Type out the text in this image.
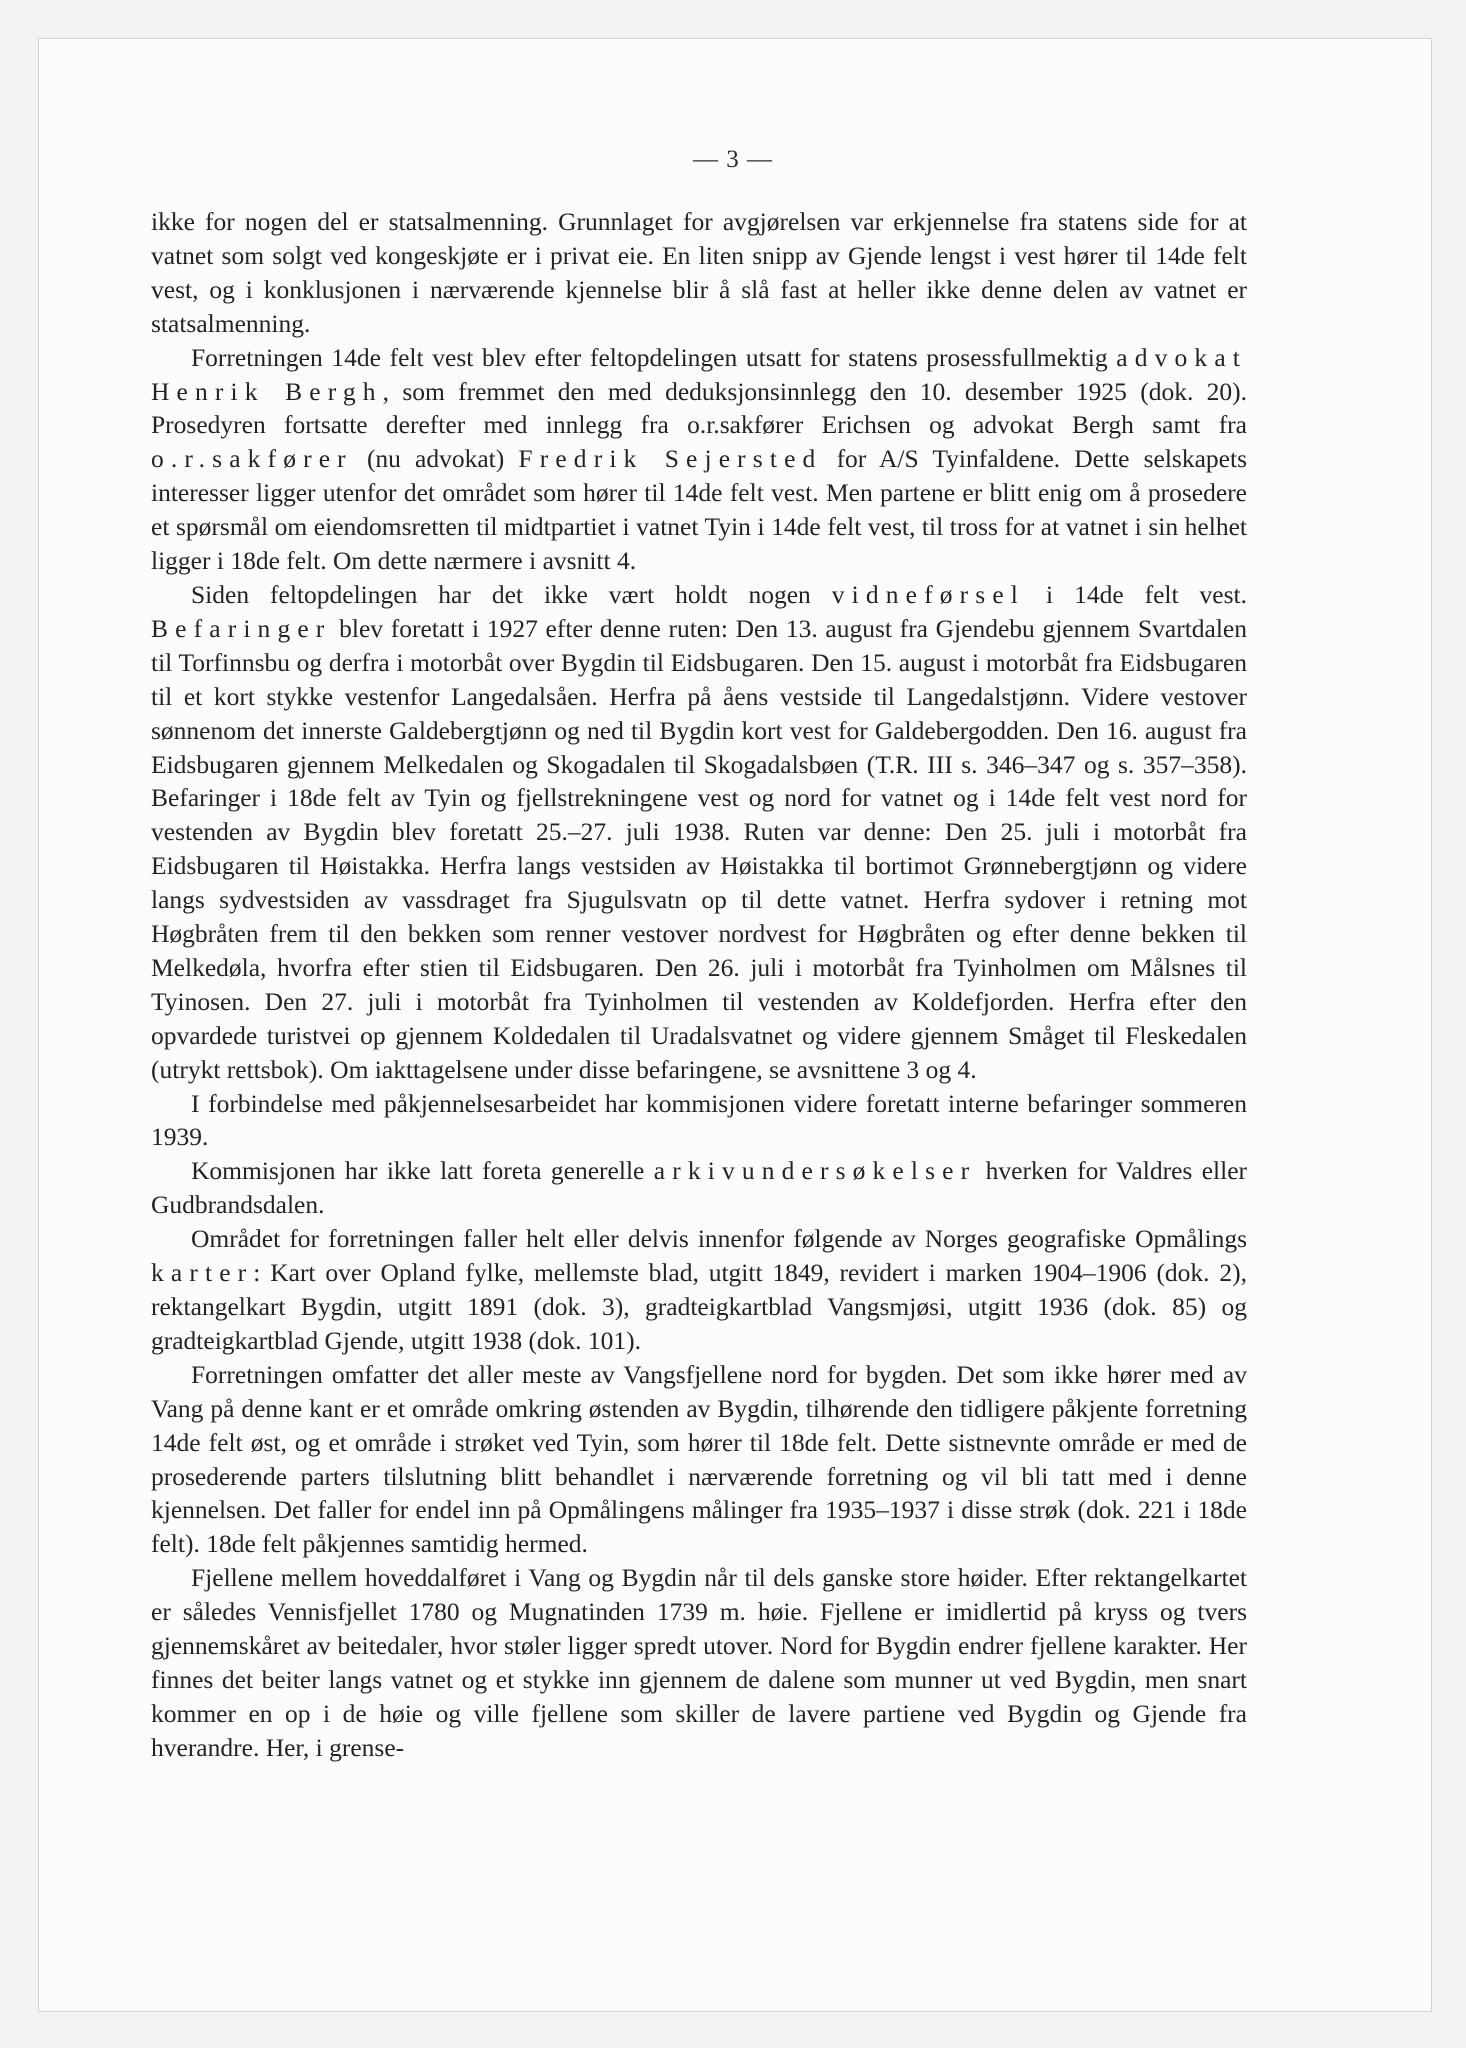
— 3 —

ikke for nogen del er statsalmenning. Grunnlaget for avgjørelsen var erkjennelse fra statens side for at vatnet som solgt ved kongeskjøte er i privat eie. En liten snipp av Gjende lengst i vest hører til 14de felt vest, og i konklusjonen i nærværende kjennelse blir å slå fast at heller ikke denne delen av vatnet er statsalmenning.

Forretningen 14de felt vest blev efter feltopdelingen utsatt for statens prosessfullmektig advokat Henrik Bergh, som fremmet den med deduksjonsinnlegg den 10. desember 1925 (dok. 20). Prosedyren fortsatte derefter med innlegg fra o.r.sakfører Erichsen og advokat Bergh samt fra o.r.sakfører (nu advokat) Fredrik Sejersted for A/S Tyinfaldene. Dette selskapets interesser ligger utenfor det området som hører til 14de felt vest. Men partene er blitt enig om å prosedere et spørsmål om eiendomsretten til midtpartiet i vatnet Tyin i 14de felt vest, til tross for at vatnet i sin helhet ligger i 18de felt. Om dette nærmere i avsnitt 4.

Siden feltopdelingen har det ikke vært holdt nogen vidneførsel i 14de felt vest. Befaringer blev foretatt i 1927 efter denne ruten: Den 13. august fra Gjendebu gjennem Svartdalen til Torfinnsbu og derfra i motorbåt over Bygdin til Eidsbugaren. Den 15. august i motorbåt fra Eidsbugaren til et kort stykke vestenfor Langedalsåen. Herfra på åens vestside til Langedalstjønn. Videre vestover sønnenom det innerste Galdebergtjønn og ned til Bygdin kort vest for Galdebergodden. Den 16. august fra Eidsbugaren gjennem Melkedalen og Skogadalen til Skogadalsbøen (T.R. III s. 346–347 og s. 357–358). Befaringer i 18de felt av Tyin og fjellstrekningene vest og nord for vatnet og i 14de felt vest nord for vestenden av Bygdin blev foretatt 25.–27. juli 1938. Ruten var denne: Den 25. juli i motorbåt fra Eidsbugaren til Høistakka. Herfra langs vestsiden av Høistakka til bortimot Grønnebergtjønn og videre langs sydvestsiden av vassdraget fra Sjugulsvatn op til dette vatnet. Herfra sydover i retning mot Høgbråten frem til den bekken som renner vestover nordvest for Høgbråten og efter denne bekken til Melkedøla, hvorfra efter stien til Eidsbugaren. Den 26. juli i motorbåt fra Tyinholmen om Målsnes til Tyinosen. Den 27. juli i motorbåt fra Tyinholmen til vestenden av Koldefjorden. Herfra efter den opvardede turistvei op gjennem Koldedalen til Uradalsvatnet og videre gjennem Småget til Fleskedalen (utrykt rettsbok). Om iakttagelsene under disse befaringene, se avsnittene 3 og 4.

I forbindelse med påkjennelsesarbeidet har kommisjonen videre foretatt interne befaringer sommeren 1939.

Kommisjonen har ikke latt foreta generelle arkivundersøkelser hverken for Valdres eller Gudbrandsdalen.

Området for forretningen faller helt eller delvis innenfor følgende av Norges geografiske Opmålings karter: Kart over Opland fylke, mellemste blad, utgitt 1849, revidert i marken 1904–1906 (dok. 2), rektangelkart Bygdin, utgitt 1891 (dok. 3), gradteigkartblad Vangsmjøsi, utgitt 1936 (dok. 85) og gradteigkartblad Gjende, utgitt 1938 (dok. 101).

Forretningen omfatter det aller meste av Vangsfjellene nord for bygden. Det som ikke hører med av Vang på denne kant er et område omkring østenden av Bygdin, tilhørende den tidligere påkjente forretning 14de felt øst, og et område i strøket ved Tyin, som hører til 18de felt. Dette sistnevnte område er med de prosederende parters tilslutning blitt behandlet i nærværende forretning og vil bli tatt med i denne kjennelsen. Det faller for endel inn på Opmålingens målinger fra 1935–1937 i disse strøk (dok. 221 i 18de felt). 18de felt påkjennes samtidig hermed.

Fjellene mellem hoveddalføret i Vang og Bygdin når til dels ganske store høider. Efter rektangelkartet er således Vennisfjellet 1780 og Mugnatinden 1739 m. høie. Fjellene er imidlertid på kryss og tvers gjennemskåret av beitedaler, hvor støler ligger spredt utover. Nord for Bygdin endrer fjellene karakter. Her finnes det beiter langs vatnet og et stykke inn gjennem de dalene som munner ut ved Bygdin, men snart kommer en op i de høie og ville fjellene som skiller de lavere partiene ved Bygdin og Gjende fra hverandre. Her, i grense-
